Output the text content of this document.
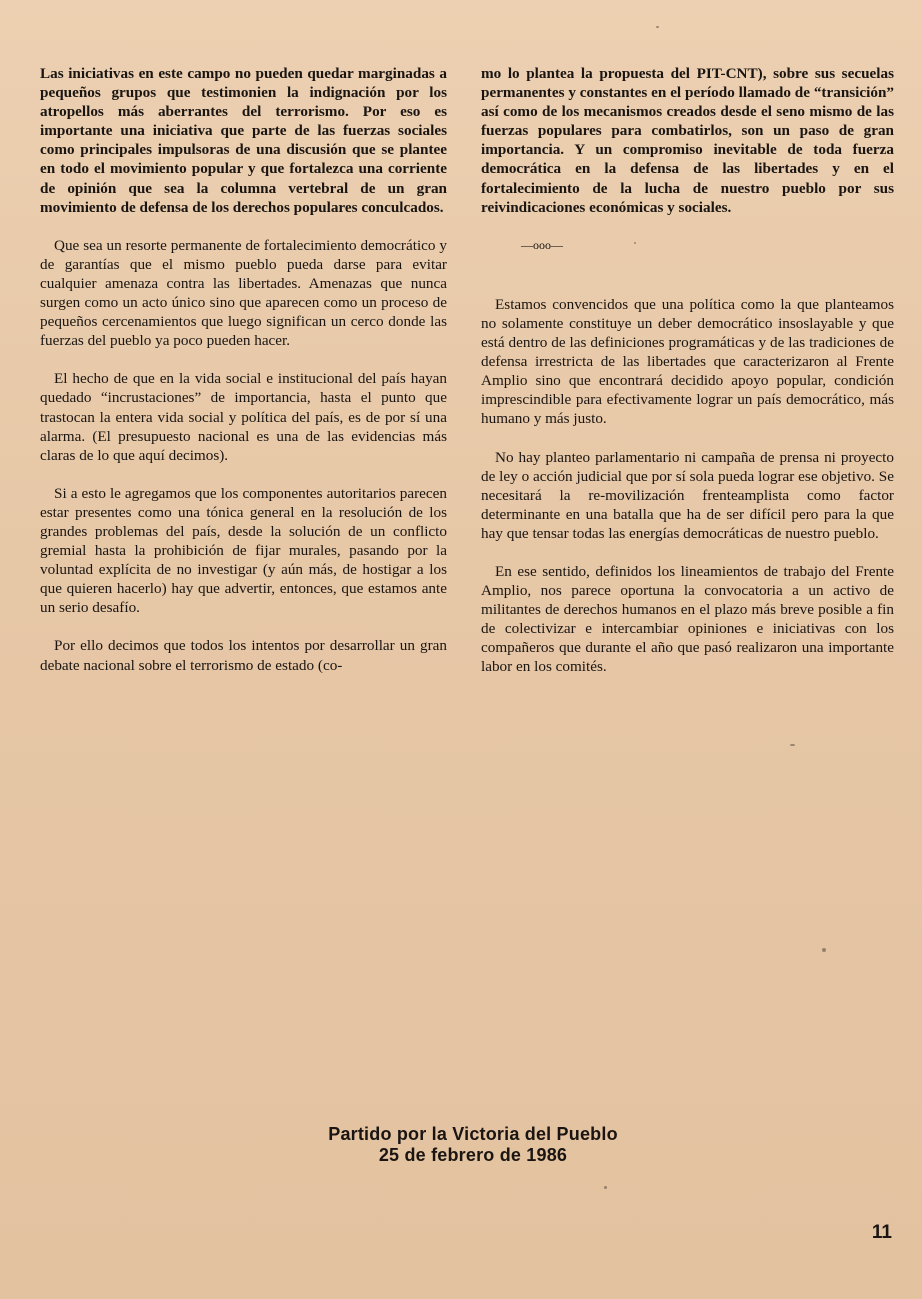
Las iniciativas en este campo no pueden quedar marginadas a pequeños grupos que testimonien la indignación por los atropellos más aberrantes del terrorismo. Por eso es importante una iniciativa que parte de las fuerzas sociales como principales impulsoras de una discusión que se plantee en todo el movimiento popular y que fortalezca una corriente de opinión que sea la columna vertebral de un gran movimiento de defensa de los derechos populares conculcados.

Que sea un resorte permanente de fortalecimiento democrático y de garantías que el mismo pueblo pueda darse para evitar cualquier amenaza contra las libertades. Amenazas que nunca surgen como un acto único sino que aparecen como un proceso de pequeños cercenamientos que luego significan un cerco donde las fuerzas del pueblo ya poco pueden hacer.

El hecho de que en la vida social e institucional del país hayan quedado “incrustaciones” de importancia, hasta el punto que trastocan la entera vida social y política del país, es de por sí una alarma. (El presupuesto nacional es una de las evidencias más claras de lo que aquí decimos).

Si a esto le agregamos que los componentes autoritarios parecen estar presentes como una tónica general en la resolución de los grandes problemas del país, desde la solución de un conflicto gremial hasta la prohibición de fijar murales, pasando por la voluntad explícita de no investigar (y aún más, de hostigar a los que quieren hacerlo) hay que advertir, entonces, que estamos ante un serio desafío.

Por ello decimos que todos los intentos por desarrollar un gran debate nacional sobre el terrorismo de estado (co-

mo lo plantea la propuesta del PIT-CNT), sobre sus secuelas permanentes y constantes en el período llamado de “transición” así como de los mecanismos creados desde el seno mismo de las fuerzas populares para combatirlos, son un paso de gran importancia. Y un compromiso inevitable de toda fuerza democrática en la defensa de las libertades y en el fortalecimiento de la lucha de nuestro pueblo por sus reivindicaciones económicas y sociales.

—ooo—

Estamos convencidos que una política como la que planteamos no solamente constituye un deber democrático insoslayable y que está dentro de las definiciones programáticas y de las tradiciones de defensa irrestricta de las libertades que caracterizaron al Frente Amplio sino que encontrará decidido apoyo popular, condición imprescindible para efectivamente lograr un país democrático, más humano y más justo.

No hay planteo parlamentario ni campaña de prensa ni proyecto de ley o acción judicial que por sí sola pueda lograr ese objetivo. Se necesitará la re-movilización frenteamplista como factor determinante en una batalla que ha de ser difícil pero para la que hay que tensar todas las energías democráticas de nuestro pueblo.

En ese sentido, definidos los lineamientos de trabajo del Frente Amplio, nos parece oportuna la convocatoria a un activo de militantes de derechos humanos en el plazo más breve posible a fin de colectivizar e intercambiar opiniones e iniciativas con los compañeros que durante el año que pasó realizaron una importante labor en los comités.

Partido por la Victoria del Pueblo
25 de febrero de 1986
11
